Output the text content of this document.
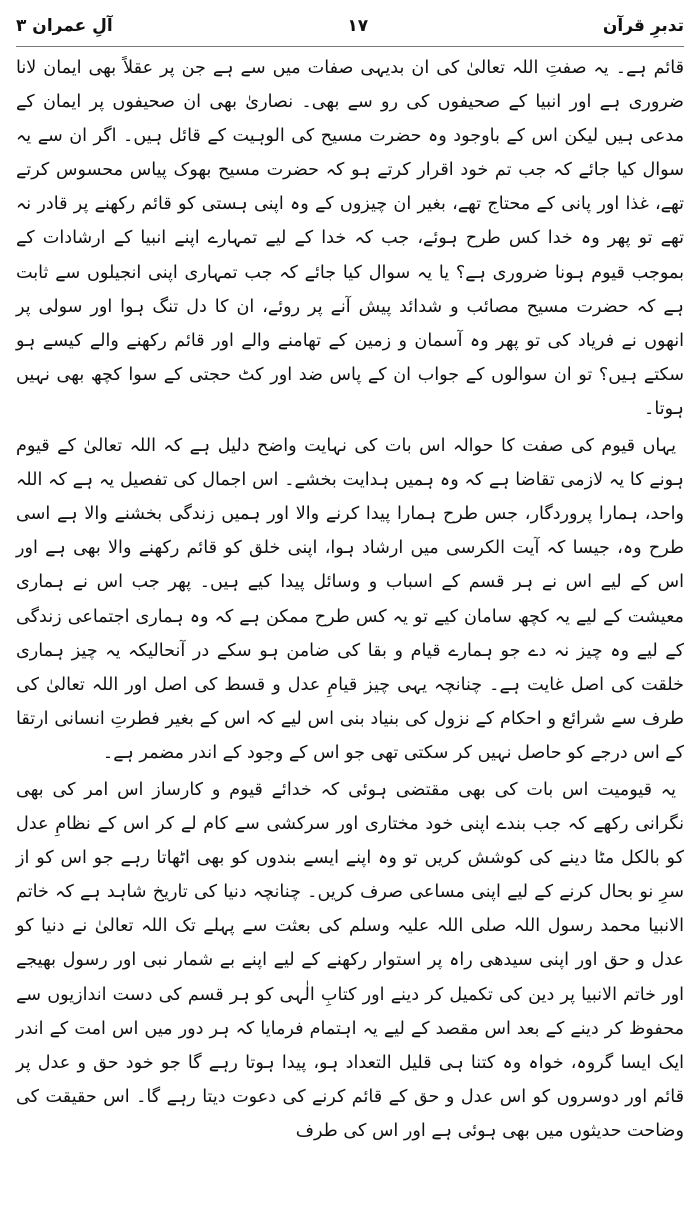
تدبرِ قرآن
١٧
آلِ عمران ٣

قائم ہے۔ یہ صفتِ اللہ تعالیٰ کی ان بدیہی صفات میں سے ہے جن پر عقلاً بھی ایمان لانا ضروری ہے اور انبیا کے صحیفوں کی رو سے بھی۔ نصاریٰ بھی ان صحیفوں پر ایمان کے مدعی ہیں لیکن اس کے باوجود وہ حضرت مسیح کی الوہیت کے قائل ہیں۔ اگر ان سے یہ سوال کیا جائے کہ جب تم خود اقرار کرتے ہو کہ حضرت مسیح بھوک پیاس محسوس کرتے تھے، غذا اور پانی کے محتاج تھے، بغیر ان چیزوں کے وہ اپنی ہستی کو قائم رکھنے پر قادر نہ تھے تو پھر وہ خدا کس طرح ہوئے، جب کہ خدا کے لیے تمہارے اپنے انبیا کے ارشادات کے بموجب قیوم ہونا ضروری ہے؟ یا یہ سوال کیا جائے کہ جب تمہاری اپنی انجیلوں سے ثابت ہے کہ حضرت مسیح مصائب و شدائد پیش آنے پر روئے، ان کا دل تنگ ہوا اور سولی پر انھوں نے فریاد کی تو پھر وہ آسمان و زمین کے تھامنے والے اور قائم رکھنے والے کیسے ہو سکتے ہیں؟ تو ان سوالوں کے جواب ان کے پاس ضد اور کٹ حجتی کے سوا کچھ بھی نہیں ہوتا۔

یہاں قیوم کی صفت کا حوالہ اس بات کی نہایت واضح دلیل ہے کہ اللہ تعالیٰ کے قیوم ہونے کا یہ لازمی تقاضا ہے کہ وہ ہمیں ہدایت بخشے۔ اس اجمال کی تفصیل یہ ہے کہ اللہ واحد، ہمارا پروردگار، جس طرح ہمارا پیدا کرنے والا اور ہمیں زندگی بخشنے والا ہے اسی طرح وہ، جیسا کہ آیت الکرسی میں ارشاد ہوا، اپنی خلق کو قائم رکھنے والا بھی ہے اور اس کے لیے اس نے ہر قسم کے اسباب و وسائل پیدا کیے ہیں۔ پھر جب اس نے ہماری معیشت کے لیے یہ کچھ سامان کیے تو یہ کس طرح ممکن ہے کہ وہ ہماری اجتماعی زندگی کے لیے وہ چیز نہ دے جو ہمارے قیام و بقا کی ضامن ہو سکے در آنحالیکہ یہ چیز ہماری خلقت کی اصل غایت ہے۔ چنانچہ یہی چیز قیامِ عدل و قسط کی اصل اور اللہ تعالیٰ کی طرف سے شرائع و احکام کے نزول کی بنیاد بنی اس لیے کہ اس کے بغیر فطرتِ انسانی ارتقا کے اس درجے کو حاصل نہیں کر سکتی تھی جو اس کے وجود کے اندر مضمر ہے۔

یہ قیومیت اس بات کی بھی مقتضی ہوئی کہ خدائے قیوم و کارساز اس امر کی بھی نگرانی رکھے کہ جب بندے اپنی خود مختاری اور سرکشی سے کام لے کر اس کے نظامِ عدل کو بالکل مٹا دینے کی کوشش کریں تو وہ اپنے ایسے بندوں کو بھی اٹھاتا رہے جو اس کو از سرِ نو بحال کرنے کے لیے اپنی مساعی صرف کریں۔ چنانچہ دنیا کی تاریخ شاہد ہے کہ خاتم الانبیا محمد رسول اللہ صلی اللہ علیہ وسلم کی بعثت سے پہلے تک اللہ تعالیٰ نے دنیا کو عدل و حق اور اپنی سیدھی راہ پر استوار رکھنے کے لیے اپنے بے شمار نبی اور رسول بھیجے اور خاتم الانبیا پر دین کی تکمیل کر دینے اور کتابِ الٰہی کو ہر قسم کی دست اندازیوں سے محفوظ کر دینے کے بعد اس مقصد کے لیے یہ اہتمام فرمایا کہ ہر دور میں اس امت کے اندر ایک ایسا گروہ، خواہ وہ کتنا ہی قلیل التعداد ہو، پیدا ہوتا رہے گا جو خود حق و عدل پر قائم اور دوسروں کو اس عدل و حق کے قائم کرنے کی دعوت دیتا رہے گا۔ اس حقیقت کی وضاحت حدیثوں میں بھی ہوئی ہے اور اس کی طرف
